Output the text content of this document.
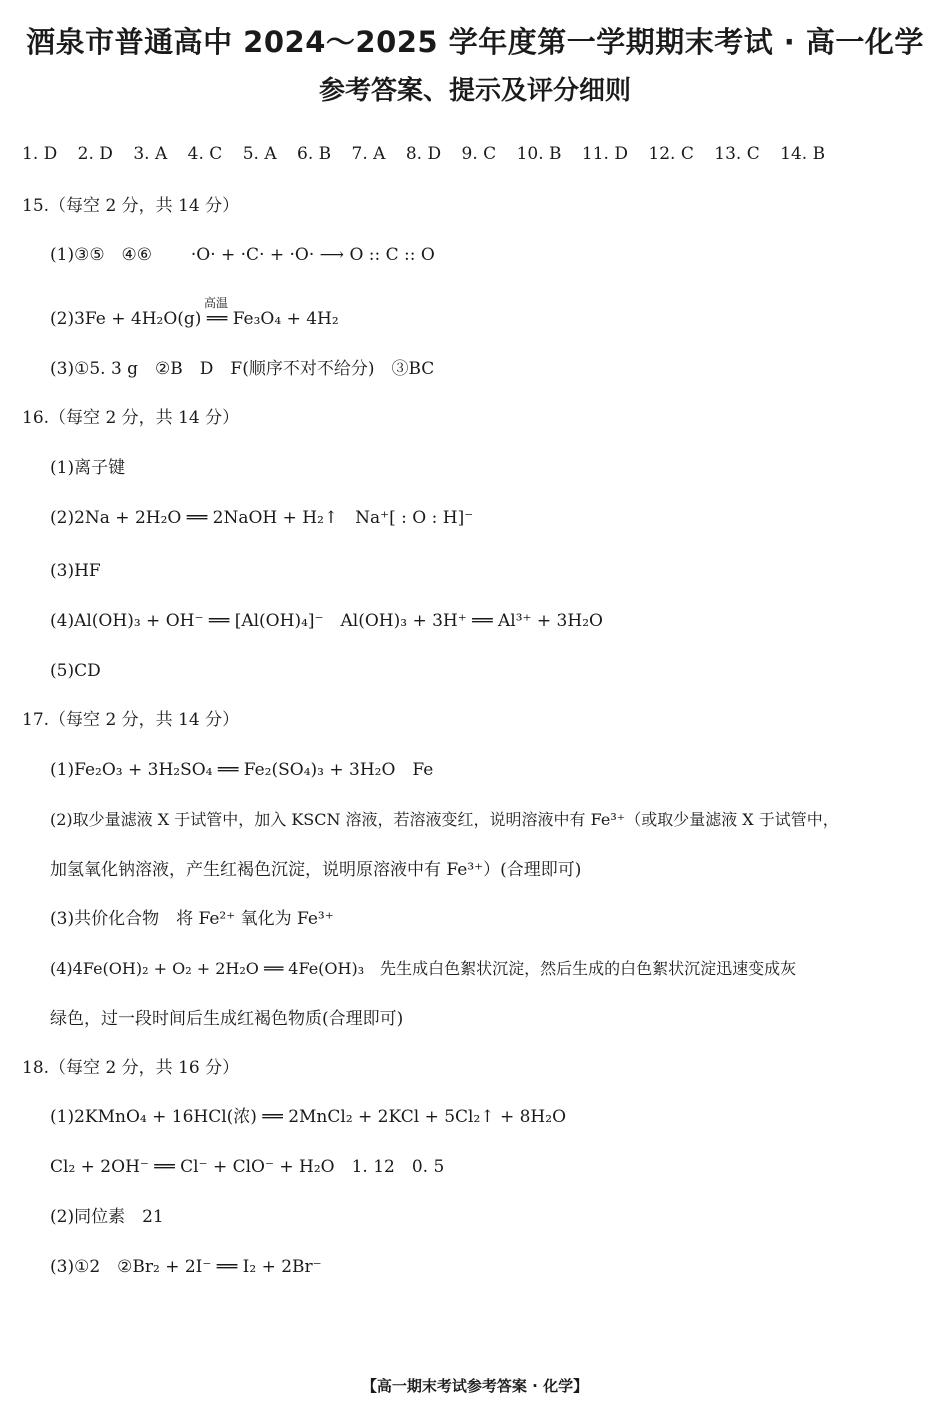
酒泉市普通高中 2024～2025 学年度第一学期期末考试 · 高一化学
参考答案、提示及评分细则
1. D 2. D 3. A 4. C 5. A 6. B 7. A 8. D 9. C 10. B 11. D 12. C 13. C 14. B
15.（每空 2 分，共 14 分）
(1)③⑤　④⑥ ·O· + ·C· + ·O· ⟶ O :: C :: O
(2)3Fe + 4H₂O(g) ══ Fe₃O₄ + 4H₂
高温
(3)①5. 3 g　②B　D　F(顺序不对不给分)　③BC
16.（每空 2 分，共 14 分）
(1)离子键
(2)2Na + 2H₂O ══ 2NaOH + H₂↑　Na⁺[ : O : H]⁻
(3)HF
(4)Al(OH)₃ + OH⁻ ══ [Al(OH)₄]⁻　Al(OH)₃ + 3H⁺ ══ Al³⁺ + 3H₂O
(5)CD
17.（每空 2 分，共 14 分）
(1)Fe₂O₃ + 3H₂SO₄ ══ Fe₂(SO₄)₃ + 3H₂O　Fe
(2)取少量滤液 X 于试管中，加入 KSCN 溶液，若溶液变红，说明溶液中有 Fe³⁺（或取少量滤液 X 于试管中，
加氢氧化钠溶液，产生红褐色沉淀，说明原溶液中有 Fe³⁺）(合理即可)
(3)共价化合物　将 Fe²⁺ 氧化为 Fe³⁺
(4)4Fe(OH)₂ + O₂ + 2H₂O ══ 4Fe(OH)₃　先生成白色絮状沉淀，然后生成的白色絮状沉淀迅速变成灰
绿色，过一段时间后生成红褐色物质(合理即可)
18.（每空 2 分，共 16 分）
(1)2KMnO₄ + 16HCl(浓) ══ 2MnCl₂ + 2KCl + 5Cl₂↑ + 8H₂O
Cl₂ + 2OH⁻ ══ Cl⁻ + ClO⁻ + H₂O　1. 12　0. 5
(2)同位素　21
(3)①2　②Br₂ + 2I⁻ ══ I₂ + 2Br⁻
【高一期末考试参考答案 · 化学】
